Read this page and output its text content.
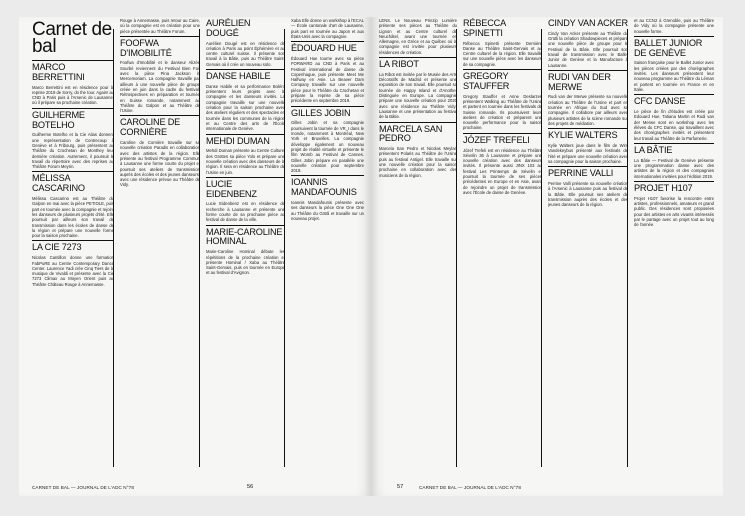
Carnet de bal
MARCO BERRETTINI

Marco Berrettini est en résidence pour la reprise 2019 de Sorry, do the tour. Again! au CND à Paris puis à l'Arsenic de Lausanne, où il prépare sa prochaine création.

GUILHERME BOTELHO

Guilherme Botelho et la Cie Alias donnent une représentation de Contrecoup à Genève et à Fribourg, puis présentent au Théâtre du Crochetan de Monthey leur dernière création. Autrement, il poursuit le travail du répertoire avec des reprises au Théâtre Forum Meyrin.

MÉLISSA CASCARINO

Mélissa Cascarino est au Théâtre du Galpon en mai avec la pièce PETIOLE, puis part en tournée avec la compagnie et rejoint les danseurs de plusieurs projets d'été. Elle poursuit par ailleurs son travail de transmission dans les écoles de danse de la région et prépare une nouvelle forme pour la saison prochaine.

LA CIE 7273

Nicolas Cantillon donne une formation FabPuRE au Centre Contemporary Dance Center. Laurence Yadi crée Cinq Tiers de la musique de Vivaldi et présente avec la Cie 7273 Climax au Moyen Orient puis au Théâtre Château Rouge à Annemasse.

Rouge à Annemasse, puis retour au Caire, où la compagnie est en création pour une pièce présentée au Théâtre Forum.

FOOFWA D'IMOBILITÉ

Foofwa d'Imobilité et le danseur Alizée Sourbé reviennent du Festival Bien Fait avec la pièce Pina Jackson in Mercemoriam. La compagnie travaille par ailleurs à une nouvelle pièce de groupe créée en juin dans la cadre du festival. Rétrospectives en préparation et tournée en Suisse romande, notamment au Théâtre du Galpon et au Théâtre de l'Usine.

CAROLINE DE CORNIÈRE

Caroline de Cornière travaille sur sa nouvelle création Paradis en collaboration avec des artistes de la région. Elle présente au festival Programme Commun à Lausanne une forme courte du projet et poursuit ses ateliers de transmission auprès des écoles et des jeunes danseurs, avec une résidence prévue au Théâtre de Vidy.

AURÉLIEN DOUGÉ

Aurélien Dougé est en résidence de création à Paris au point Éphémère et au centre culturel suisse. Il présente son travail à la Bâtie, puis au Théâtre Saint-Gervais où il crée un nouveau solo.

DANSE HABILE

Danse Habile et sa performance Boléro présentent leurs projets avec la compagnie et les danseurs invités. La compagnie travaille sur une nouvelle création pour la saison prochaine avec des ateliers réguliers et des spectacles en tournée dans les communes de la région et au Centre des arts de l'École internationale de Genève.

MEHDI DUMAN

Mehdi Duman présente au Centre Culturel des Grottes sa pièce Yolo et prépare une nouvelle création avec des danseurs de la région. Il sera en résidence au Théâtre de l'Usine en juin.

LUCIE EIDENBENZ

Lucie Eidenbenz est en résidence de recherche à Lausanne et présente une forme courte de sa prochaine pièce au festival de danse de la ville.

MARIE-CAROLINE HOMINAL

Marie-Caroline Hominal débute les répétitions de la prochaine création et présente Hominal / Xaba au Théâtre Saint-Gervais, puis en tournée en Europe et au festival d'Avignon.

Xaba Elle donne un workshop à l'ECAL — École cantonale d'art de Lausanne, puis part en tournée au Japon et aux États-Unis avec la compagnie.

ÉDOUARD HUE

Édouard Hue tourne avec sa pièce FORWARD au CND à Paris et au Festival international de danse de Copenhague, puis présente Meet Me Halfway en Asie. La Beaver Dam Company travaille sur une nouvelle pièce pour le Théâtre du Crochetan et prépare la reprise de sa pièce précédente en septembre 2019.

GILLES JOBIN

Gilles Jobin et sa compagnie poursuivent la tournée de VR_I dans le monde, notamment à Montréal, New York et Bruxelles. La compagnie développe également un nouveau projet de réalité virtuelle et présente le film Womb au Festival de Cannes. Gilles Jobin prépare en parallèle une nouvelle création pour septembre 2019.

IOANNIS MANDAFOUNIS

Ioannis Mandafounis présente avec ses danseurs la pièce One One One au Théâtre du Grütli et travaille sur un nouveau projet.

CARNET DE BAL — JOURNAL DE L'ADC N°78	56

LENS. Le Nouveau Prinzip Lumière présente ses pièces au Théâtre du Lignon et au Centre culturel de Neuchâtel, avant une tournée en Allemagne, en Grèce et au Québec où la compagnie est invitée pour plusieurs résidences de création.

LA RIBOT

La Ribot est invitée par le Musée des Arts Décoratifs de Madrid et présente une exposition de son travail. Elle poursuit sa tournée de Happy Island et d'Another Distinguée en Europe. La compagnie prépare une nouvelle création pour 2020 avec une résidence au Théâtre Vidy-Lausanne et une présentation au festival de la Bâtie.

MARCELA SAN PEDRO

Marcela San Pedro et Nicolas Meylan présentent Polaris au Théâtre de l'Usine puis au festival Antigel. Elle travaille sur une nouvelle création pour la saison prochaine en collaboration avec des musiciens de la région.

RÉBECCA SPINETTI

Rébecca Spinetti présente Dernière Danse au Théâtre Saint-Gervais et au Centre culturel de la région. Elle travaille sur une nouvelle pièce avec les danseurs de sa compagnie.

GREGORY STAUFFER

Gregory Stauffer et Anne Deslarzes présentent Walking au Théâtre de l'Usine et partent en tournée dans les festivals de Suisse romande. Ils poursuivent leurs ateliers de création et préparent une nouvelle performance pour la saison prochaine.

JÓZEF TREFELI

Józef Trefeli est en résidence au Théâtre Sévelin 36 à Lausanne et prépare une nouvelle création avec des danseurs invités. Il présente aussi JINX 103 au festival Les Printemps de Sévelin et poursuit la tournée de ses pièces précédentes en Europe et en Asie, avant de rejoindre un projet de transmission avec l'École de danse de Genève.

CINDY VAN ACKER

Cindy Van Acker présente au Théâtre du Grütli la création Shadowpieces et prépare une nouvelle pièce de groupe pour le Festival de la Bâtie. Elle poursuit son travail de transmission avec le Ballet Junior de Genève et la Manufacture à Lausanne.

RUDI VAN DER MERWE

Rudi van der Merwe présente sa nouvelle création au Théâtre de l'Usine et part en tournée en Afrique du Sud avec sa compagnie. Il collabore par ailleurs avec plusieurs artistes de la scène romande sur des projets de médiation.

KYLIE WALTERS

Kylie Walters joue dans le film de Wim Vandekeybus présenté aux festivals de l'été et prépare une nouvelle création avec sa compagnie pour la saison prochaine.

PERRINE VALLI

Perrine Valli présente sa nouvelle création à l'Arsenic à Lausanne puis au festival de la Bâtie. Elle poursuit ses ateliers de transmission auprès des écoles et des jeunes danseurs de la région.

et au CCN2 à Grenoble, puis au Théâtre de Vidy où la compagnie présente une nouvelle forme.

BALLET JUNIOR DE GENÈVE

Saison française pour le Ballet Junior avec les pièces créées par des chorégraphes invités. Les danseurs présentent leur nouveau programme au Théâtre du Léman et partent en tournée en France et en Italie.

CFC DANSE

Le pièce de fin d'études est créée par Edouard Hue. Tatiana Martin et Rudi van der Merwe sont en workshop avec les élèves du CFC Danse, qui travaillent avec des chorégraphes invités et présentent leur travail au Théâtre de la Parfumerie.

LA BÂTIE

La Bâtie — Festival de Genève présente une programmation danse avec des artistes de la région et des compagnies internationales invitées pour l'édition 2019.

PROJET H107

Projet H107 favorise la rencontre entre artistes, professionnels, amateurs et grand public. Des résidences sont proposées pour des artistes en arts vivants intéressés par le partage avec un projet tout au long de l'année.

57	CARNET DE BAL — JOURNAL DE L'ADC N°78
